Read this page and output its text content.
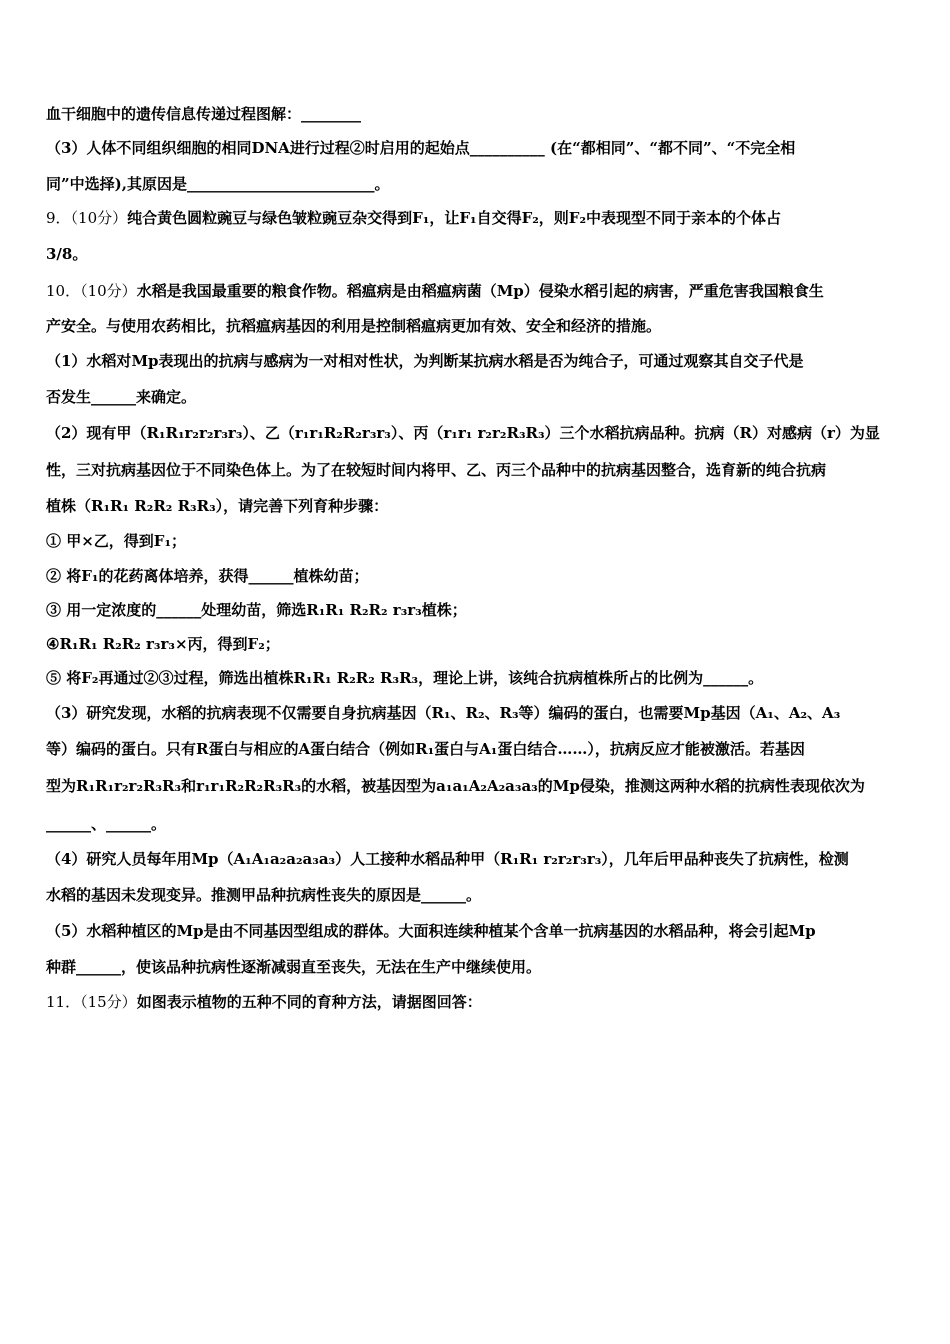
血干细胞中的遗传信息传递过程图解：________
（3）人体不同组织细胞的相同DNA进行过程②时启用的起始点__________ (在“都相同”、“都不同”、“不完全相
同”中选择),其原因是_________________________。
9．（10分）纯合黄色圆粒豌豆与绿色皱粒豌豆杂交得到F₁，让F₁自交得F₂，则F₂中表现型不同于亲本的个体占
3/8。
10．（10分）水稻是我国最重要的粮食作物。稻瘟病是由稻瘟病菌（Mp）侵染水稻引起的病害，严重危害我国粮食生
产安全。与使用农药相比，抗稻瘟病基因的利用是控制稻瘟病更加有效、安全和经济的措施。
（1）水稻对Mp表现出的抗病与感病为一对相对性状，为判断某抗病水稻是否为纯合子，可通过观察其自交子代是
否发生______来确定。
（2）现有甲（R₁R₁r₂r₂r₃r₃）、乙（r₁r₁R₂R₂r₃r₃）、丙（r₁r₁ r₂r₂R₃R₃）三个水稻抗病品种。抗病（R）对感病（r）为显
性，三对抗病基因位于不同染色体上。为了在较短时间内将甲、乙、丙三个品种中的抗病基因整合，选育新的纯合抗病
植株（R₁R₁ R₂R₂ R₃R₃），请完善下列育种步骤：
① 甲×乙，得到F₁；
② 将F₁的花药离体培养，获得______植株幼苗；
③ 用一定浓度的______处理幼苗，筛选R₁R₁ R₂R₂ r₃r₃植株；
④R₁R₁ R₂R₂ r₃r₃×丙，得到F₂；
⑤ 将F₂再通过②③过程，筛选出植株R₁R₁ R₂R₂ R₃R₃，理论上讲，该纯合抗病植株所占的比例为______。
（3）研究发现，水稻的抗病表现不仅需要自身抗病基因（R₁、R₂、R₃等）编码的蛋白，也需要Mp基因（A₁、A₂、A₃
等）编码的蛋白。只有R蛋白与相应的A蛋白结合（例如R₁蛋白与A₁蛋白结合……），抗病反应才能被激活。若基因
型为R₁R₁r₂r₂R₃R₃和r₁r₁R₂R₂R₃R₃的水稻，被基因型为a₁a₁A₂A₂a₃a₃的Mp侵染，推测这两种水稻的抗病性表现依次为
______、______。
（4）研究人员每年用Mp（A₁A₁a₂a₂a₃a₃）人工接种水稻品种甲（R₁R₁ r₂r₂r₃r₃），几年后甲品种丧失了抗病性，检测
水稻的基因未发现变异。推测甲品种抗病性丧失的原因是______。
（5）水稻种植区的Mp是由不同基因型组成的群体。大面积连续种植某个含单一抗病基因的水稻品种，将会引起Mp
种群______，使该品种抗病性逐渐减弱直至丧失，无法在生产中继续使用。
11．（15分）如图表示植物的五种不同的育种方法，请据图回答：
